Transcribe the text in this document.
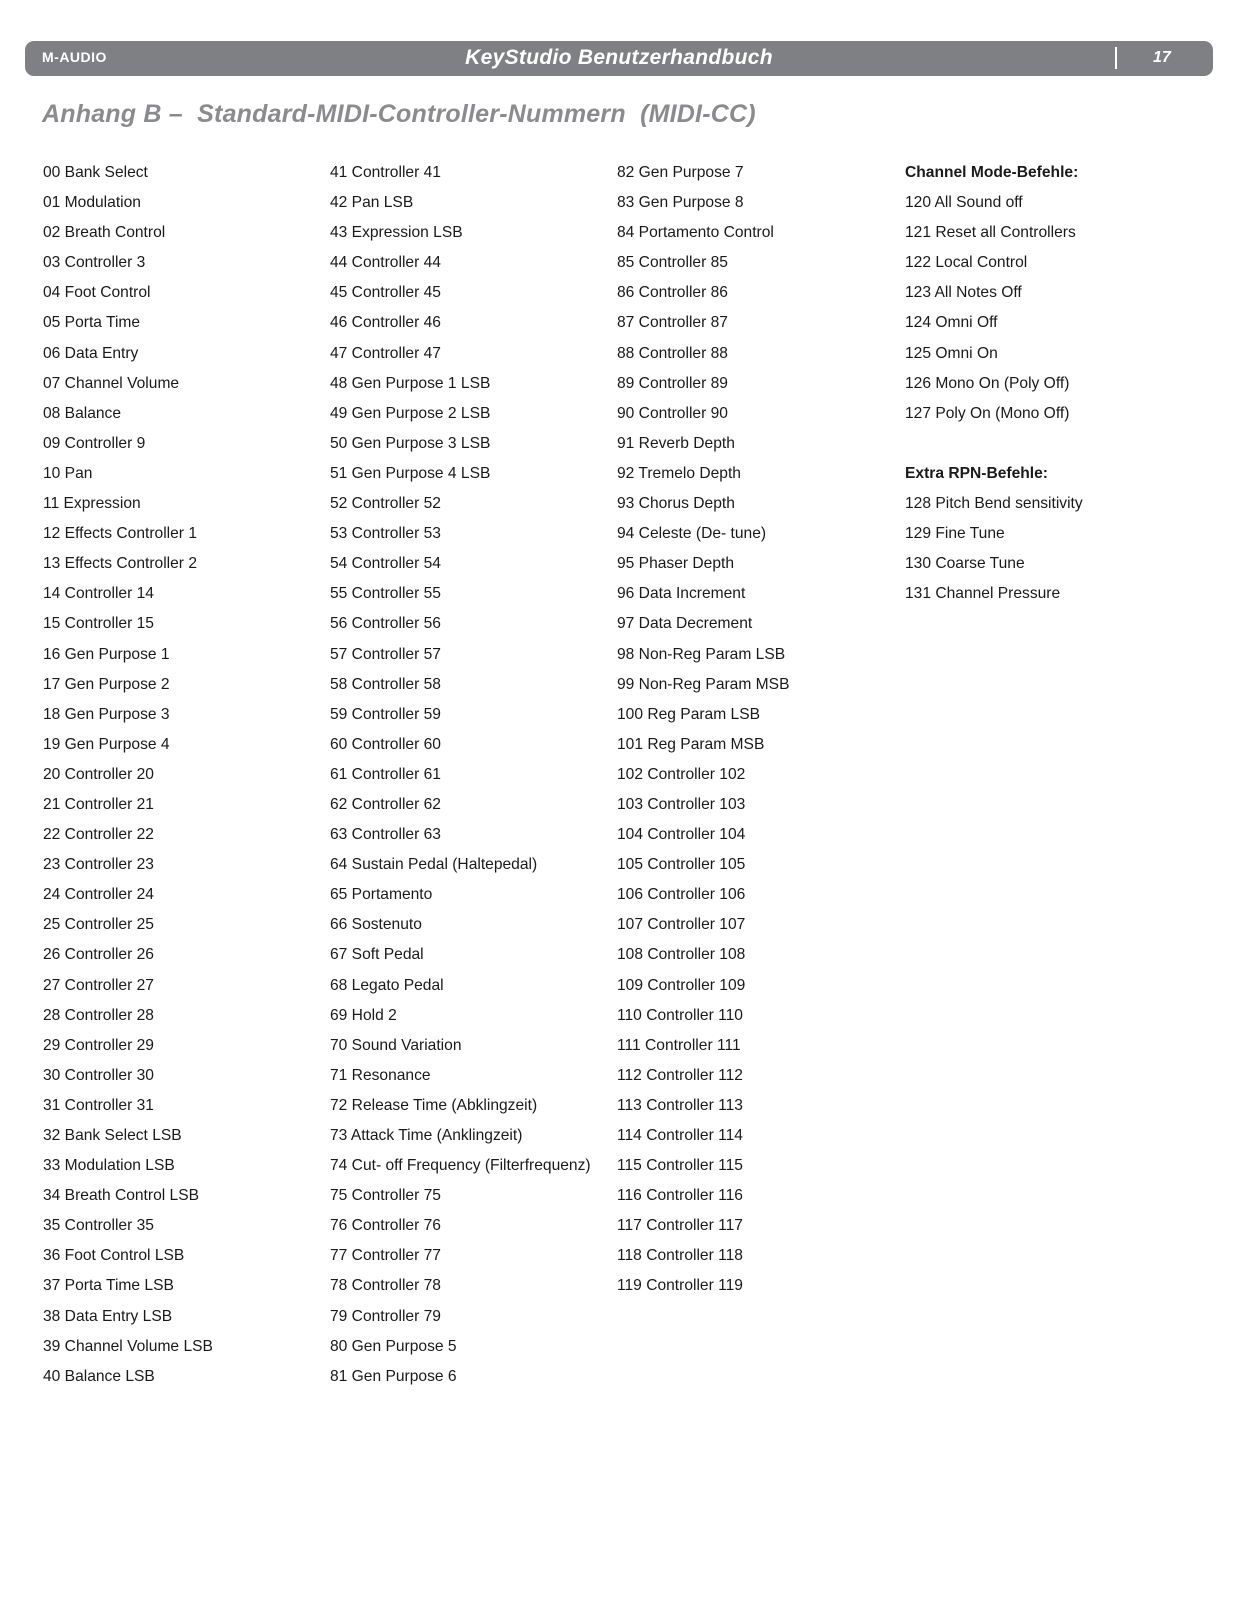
M-AUDIO	KeyStudio Benutzerhandbuch	17
Anhang B –  Standard-MIDI-Controller-Nummern  (MIDI-CC)
00 Bank Select
01 Modulation
02 Breath Control
03 Controller 3
04 Foot Control
05 Porta Time
06 Data Entry
07 Channel Volume
08 Balance
09 Controller 9
10 Pan
11 Expression
12 Effects Controller 1
13 Effects Controller 2
14 Controller 14
15 Controller 15
16 Gen Purpose 1
17 Gen Purpose 2
18 Gen Purpose 3
19 Gen Purpose 4
20 Controller 20
21 Controller 21
22 Controller 22
23 Controller 23
24 Controller 24
25 Controller 25
26 Controller 26
27 Controller 27
28 Controller 28
29 Controller 29
30 Controller 30
31 Controller 31
32 Bank Select LSB
33 Modulation LSB
34 Breath Control LSB
35 Controller 35
36 Foot Control LSB
37 Porta Time LSB
38 Data Entry LSB
39 Channel Volume LSB
40 Balance LSB
41 Controller 41
42 Pan LSB
43 Expression LSB
44 Controller 44
45 Controller 45
46 Controller 46
47 Controller 47
48 Gen Purpose 1 LSB
49 Gen Purpose 2 LSB
50 Gen Purpose 3 LSB
51 Gen Purpose 4 LSB
52 Controller 52
53 Controller 53
54 Controller 54
55 Controller 55
56 Controller 56
57 Controller 57
58 Controller 58
59 Controller 59
60 Controller 60
61 Controller 61
62 Controller 62
63 Controller 63
64 Sustain Pedal (Haltepedal)
65 Portamento
66 Sostenuto
67 Soft Pedal
68 Legato Pedal
69 Hold 2
70 Sound Variation
71 Resonance
72 Release Time (Abklingzeit)
73 Attack Time (Anklingzeit)
74 Cut- off Frequency (Filterfrequenz)
75 Controller 75
76 Controller 76
77 Controller 77
78 Controller 78
79 Controller 79
80 Gen Purpose 5
81 Gen Purpose 6
82 Gen Purpose 7
83 Gen Purpose 8
84 Portamento Control
85 Controller 85
86 Controller 86
87 Controller 87
88 Controller 88
89 Controller 89
90 Controller 90
91 Reverb Depth
92 Tremelo Depth
93 Chorus Depth
94 Celeste (De- tune)
95 Phaser Depth
96 Data Increment
97 Data Decrement
98 Non-Reg Param LSB
99 Non-Reg Param MSB
100 Reg Param LSB
101 Reg Param MSB
102 Controller 102
103 Controller 103
104 Controller 104
105 Controller 105
106 Controller 106
107 Controller 107
108 Controller 108
109 Controller 109
110 Controller 110
111 Controller 111
112 Controller 112
113 Controller 113
114 Controller 114
115 Controller 115
116 Controller 116
117 Controller 117
118 Controller 118
119 Controller 119
Channel Mode-Befehle:
120 All Sound off
121 Reset all Controllers
122 Local Control
123 All Notes Off
124 Omni Off
125 Omni On
126 Mono On (Poly Off)
127 Poly On (Mono Off)
Extra RPN-Befehle:
128 Pitch Bend sensitivity
129 Fine Tune
130 Coarse Tune
131 Channel Pressure
